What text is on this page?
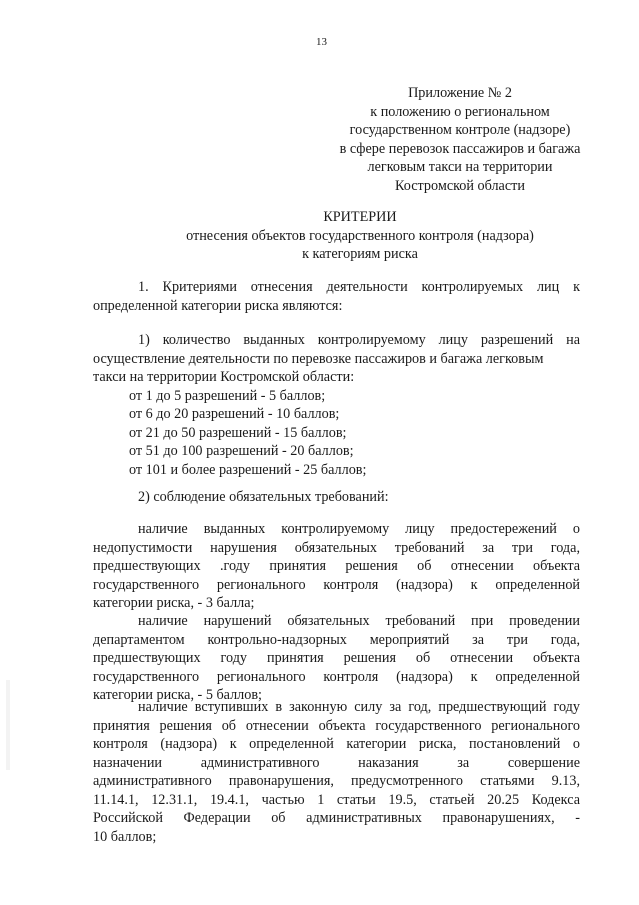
13
Приложение № 2
к положению о региональном
государственном контроле (надзоре)
в сфере перевозок пассажиров и багажа
легковым такси на территории
Костромской области
КРИТЕРИИ
отнесения объектов государственного контроля (надзора)
к категориям риска
1. Критериями отнесения деятельности контролируемых лиц к
определенной категории риска являются:
1) количество выданных контролируемому лицу разрешений на
осуществление деятельности по перевозке пассажиров и багажа легковым
такси на территории Костромской области:
от 1 до 5 разрешений - 5 баллов;
от 6 до 20 разрешений - 10 баллов;
от 21 до 50 разрешений - 15 баллов;
от 51 до 100 разрешений - 20 баллов;
от 101 и более разрешений - 25 баллов;
2) соблюдение обязательных требований:
наличие выданных контролируемому лицу предостережений о
недопустимости нарушения обязательных требований за три года,
предшествующих .году принятия решения об отнесении объекта
государственного регионального контроля (надзора) к определенной
категории риска, - 3 балла;
наличие нарушений обязательных требований при проведении
департаментом контрольно-надзорных мероприятий за три года,
предшествующих году принятия решения об отнесении объекта
государственного регионального контроля (надзора) к определенной
категории риска, - 5 баллов;
наличие вступивших в законную силу за год, предшествующий году
принятия решения об отнесении объекта государственного регионального
контроля (надзора) к определенной категории риска, постановлений о
назначении административного наказания за совершение
административного правонарушения, предусмотренного статьями 9.13,
11.14.1, 12.31.1, 19.4.1, частью 1 статьи 19.5, статьей 20.25 Кодекса
Российской Федерации об административных правонарушениях, -
10 баллов;
